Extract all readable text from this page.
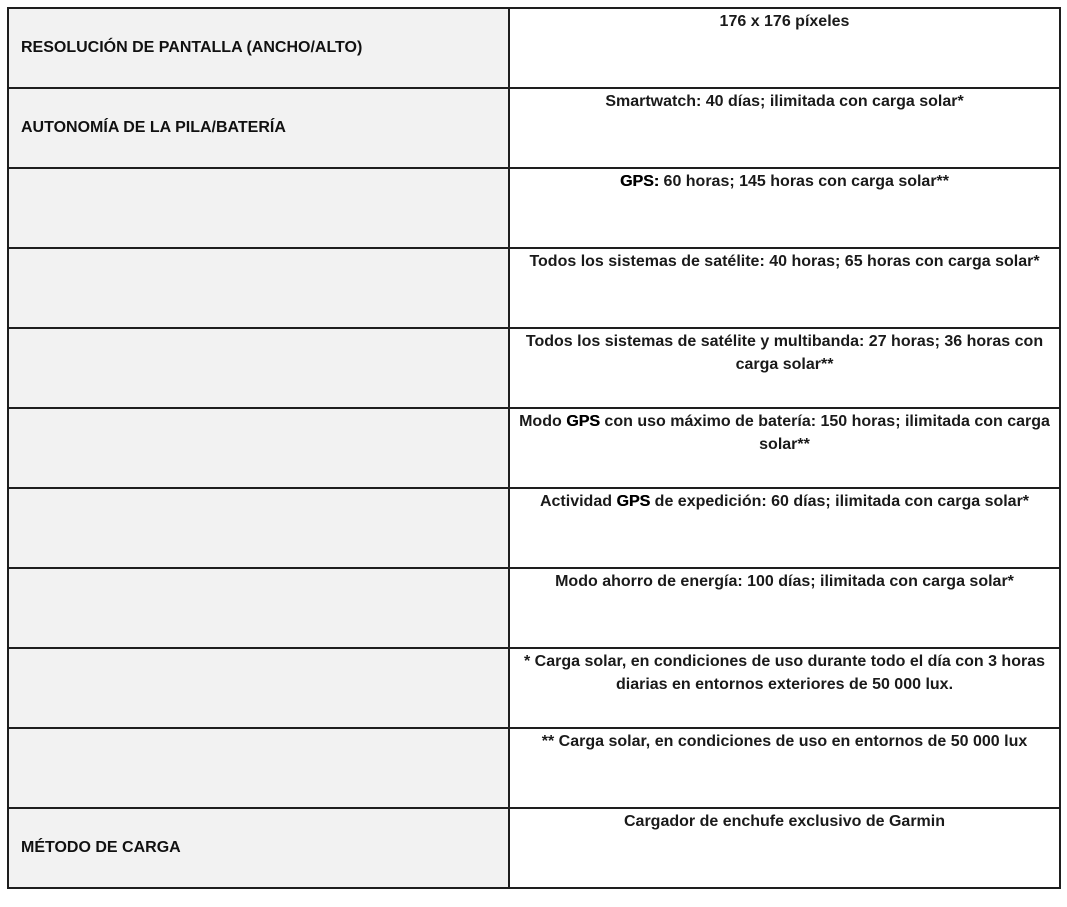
RESOLUCIÓN DE PANTALLA (ANCHO/ALTO)	176 x 176 píxeles

AUTONOMÍA DE LA PILA/BATERÍA	Smartwatch: 40 días; ilimitada con carga solar*

	GPS: 60 horas; 145 horas con carga solar**

	Todos los sistemas de satélite: 40 horas; 65 horas con carga solar*

	Todos los sistemas de satélite y multibanda: 27 horas; 36 horas con carga solar**

	Modo GPS con uso máximo de batería: 150 horas; ilimitada con carga solar**

	Actividad GPS de expedición: 60 días; ilimitada con carga solar*

	Modo ahorro de energía: 100 días; ilimitada con carga solar*

	* Carga solar, en condiciones de uso durante todo el día con 3 horas diarias en entornos exteriores de 50 000 lux.

	** Carga solar, en condiciones de uso en entornos de 50 000 lux

MÉTODO DE CARGA	Cargador de enchufe exclusivo de Garmin
